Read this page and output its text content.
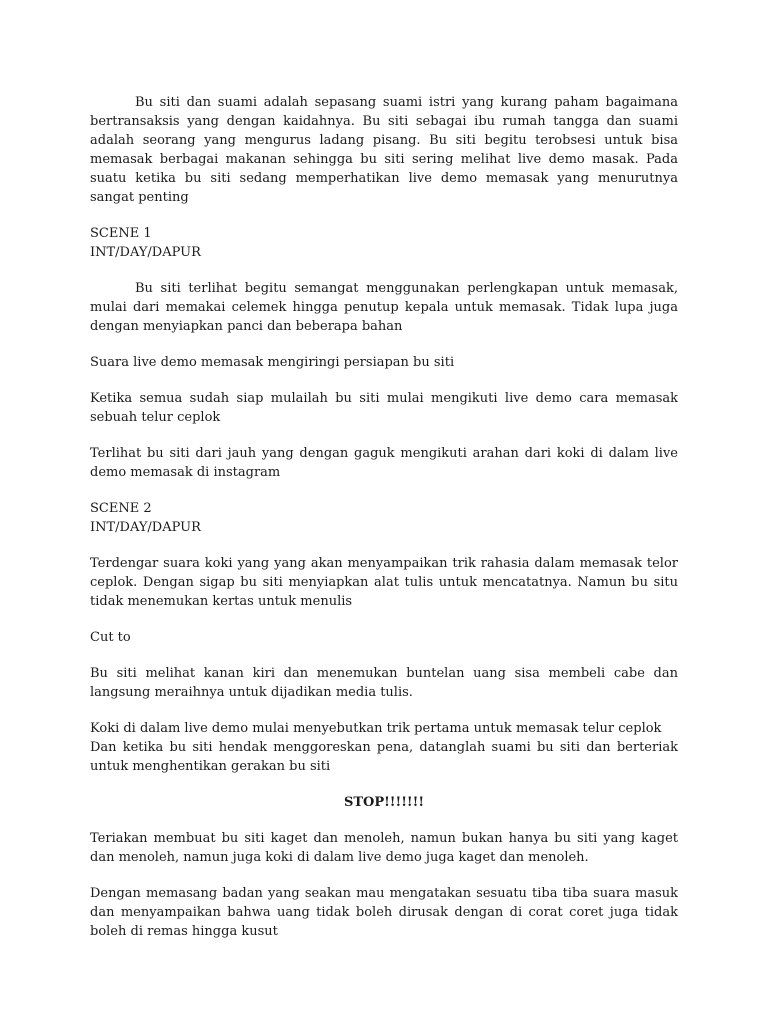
Bu siti dan suami adalah sepasang suami istri yang kurang paham bagaimana bertransaksis yang dengan kaidahnya. Bu siti sebagai ibu rumah tangga dan suami adalah seorang yang mengurus ladang pisang. Bu siti begitu terobsesi untuk bisa memasak berbagai makanan sehingga bu siti sering melihat live demo masak. Pada suatu ketika bu siti sedang memperhatikan live demo memasak yang menurutnya sangat penting

SCENE 1
INT/DAY/DAPUR

Bu siti terlihat begitu semangat menggunakan perlengkapan untuk memasak, mulai dari memakai celemek hingga penutup kepala untuk memasak. Tidak lupa juga dengan menyiapkan panci dan beberapa bahan

Suara live demo memasak mengiringi persiapan bu siti

Ketika semua sudah siap mulailah bu siti mulai mengikuti live demo cara memasak sebuah telur ceplok

Terlihat bu siti dari jauh yang dengan gaguk mengikuti arahan dari koki di dalam live demo memasak di instagram

SCENE 2
INT/DAY/DAPUR

Terdengar suara koki yang yang akan menyampaikan trik rahasia dalam memasak telor ceplok. Dengan sigap bu siti menyiapkan alat tulis untuk mencatatnya. Namun bu situ tidak menemukan kertas untuk menulis

Cut to

Bu siti melihat kanan kiri dan menemukan buntelan uang sisa membeli cabe dan langsung meraihnya untuk dijadikan media tulis.

Koki di dalam live demo mulai menyebutkan trik pertama untuk memasak telur ceplok

Dan ketika bu siti hendak menggoreskan pena, datanglah suami bu siti dan berteriak untuk menghentikan gerakan bu siti

STOP!!!!!!!

Teriakan membuat bu siti kaget dan menoleh, namun bukan hanya bu siti yang kaget dan menoleh, namun juga koki di dalam live demo juga kaget dan menoleh.

Dengan memasang badan yang seakan mau mengatakan sesuatu tiba tiba suara masuk dan menyampaikan bahwa uang tidak boleh dirusak dengan di corat coret juga tidak boleh di remas hingga kusut
